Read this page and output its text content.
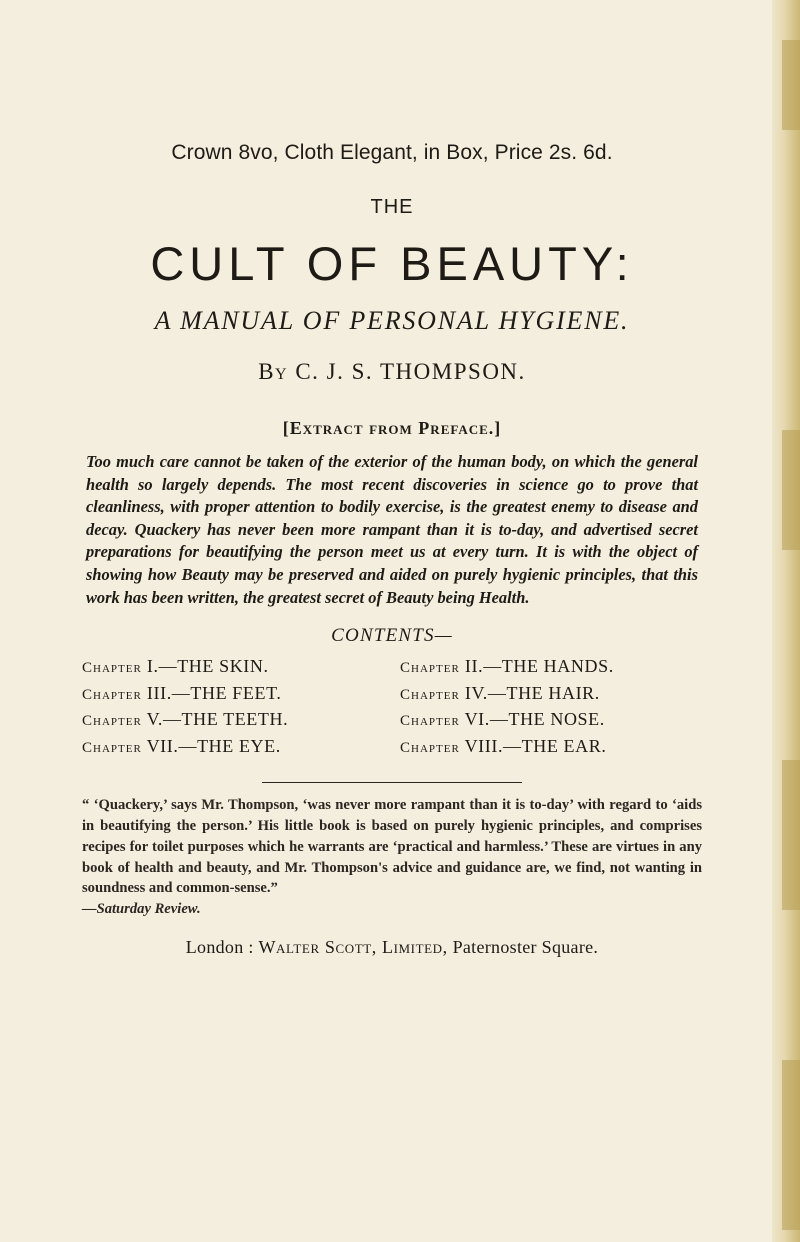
Crown 8vo, Cloth Elegant, in Box, Price 2s. 6d.

THE

CULT OF BEAUTY:
A MANUAL OF PERSONAL HYGIENE.

By C. J. S. THOMPSON.

[Extract from Preface.]

Too much care cannot be taken of the exterior of the human body, on which the general health so largely depends. The most recent discoveries in science go to prove that cleanliness, with proper attention to bodily exercise, is the greatest enemy to disease and decay. Quackery has never been more rampant than it is to-day, and advertised secret preparations for beautifying the person meet us at every turn. It is with the object of showing how Beauty may be preserved and aided on purely hygienic principles, that this work has been written, the greatest secret of Beauty being Health.

CONTENTS—

Chapter I.—THE SKIN.	Chapter II.—THE HANDS.
Chapter III.—THE FEET.	Chapter IV.—THE HAIR.
Chapter V.—THE TEETH.	Chapter VI.—THE NOSE.
Chapter VII.—THE EYE.	Chapter VIII.—THE EAR.

“ ‘Quackery,’ says Mr. Thompson, ‘was never more rampant than it is to-day’ with regard to ‘aids in beautifying the person.’ His little book is based on purely hygienic principles, and comprises recipes for toilet purposes which he warrants are ‘practical and harmless.’ These are virtues in any book of health and beauty, and Mr. Thompson's advice and guidance are, we find, not wanting in soundness and common-sense.”

—Saturday Review.

London : Walter Scott, Limited, Paternoster Square.
